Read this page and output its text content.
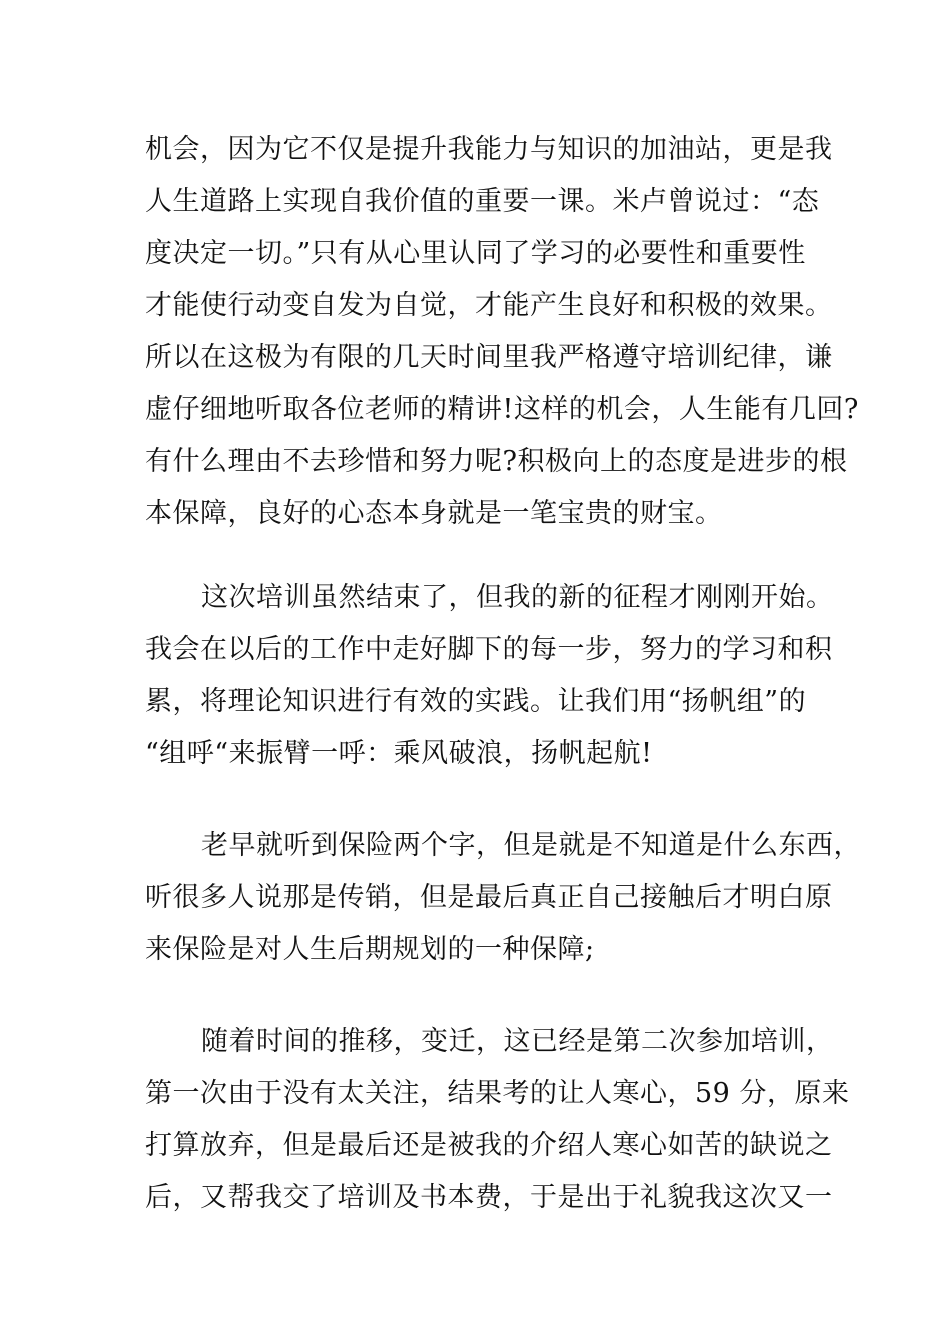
机会，因为它不仅是提升我能力与知识的加油站，更是我
人生道路上实现自我价值的重要一课。米卢曾说过：“态
度决定一切。”只有从心里认同了学习的必要性和重要性
才能使行动变自发为自觉，才能产生良好和积极的效果。
所以在这极为有限的几天时间里我严格遵守培训纪律，谦
虚仔细地听取各位老师的精讲!这样的机会，人生能有几回?
有什么理由不去珍惜和努力呢?积极向上的态度是进步的根
本保障，良好的心态本身就是一笔宝贵的财宝。
这次培训虽然结束了，但我的新的征程才刚刚开始。
我会在以后的工作中走好脚下的每一步，努力的学习和积
累，将理论知识进行有效的实践。让我们用“扬帆组”的
“组呼“来振臂一呼：乘风破浪，扬帆起航!
老早就听到保险两个字，但是就是不知道是什么东西，
听很多人说那是传销，但是最后真正自己接触后才明白原
来保险是对人生后期规划的一种保障;
随着时间的推移，变迁，这已经是第二次参加培训，
第一次由于没有太关注，结果考的让人寒心，59 分，原来
打算放弃，但是最后还是被我的介绍人寒心如苦的缺说之
后，又帮我交了培训及书本费，于是出于礼貌我这次又一
